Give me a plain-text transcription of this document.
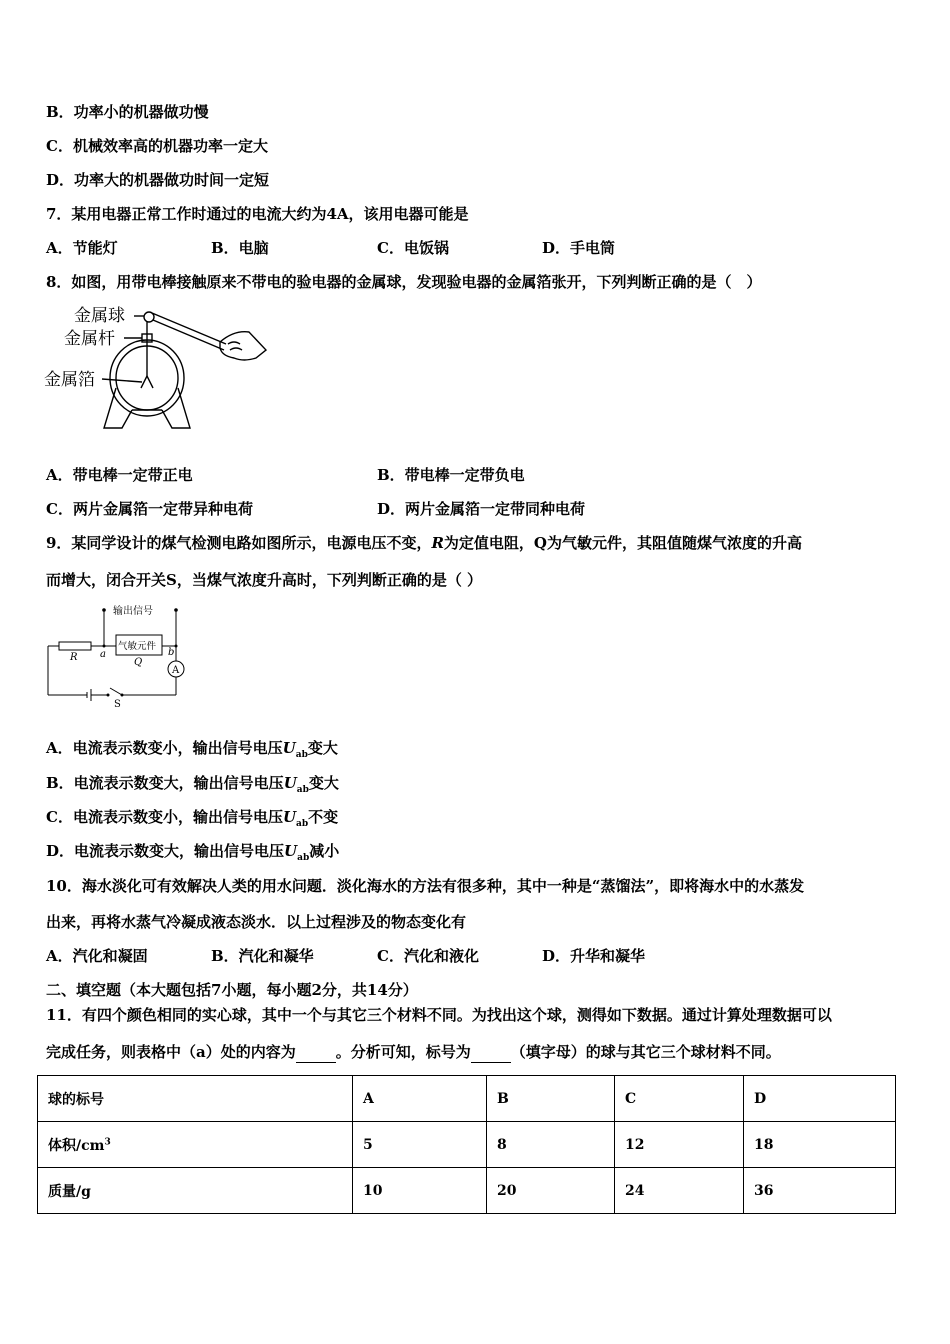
B．功率小的机器做功慢
C．机械效率高的机器功率一定大
D．功率大的机器做功时间一定短
7．某用电器正常工作时通过的电流大约为4A，该用电器可能是
A．节能灯	B．电脑	C．电饭锅	D．手电筒
8．如图，用带电棒接触原来不带电的验电器的金属球，发现验电器的金属箔张开，下列判断正确的是（　）
金属球
金属杆
金属箔
A．带电棒一定带正电	B．带电棒一定带负电
C．两片金属箔一定带异种电荷	D．两片金属箔一定带同种电荷
9．某同学设计的煤气检测电路如图所示，电源电压不变，R为定值电阻，Q为气敏元件，其阻值随煤气浓度的升高
而增大，闭合开关S，当煤气浓度升高时，下列判断正确的是（ ）
输出信号
R a	b
气敏元件
Q
A
S
A．电流表示数变小，输出信号电压$U_{ab}$变大
B．电流表示数变大，输出信号电压$U_{ab}$变大
C．电流表示数变小，输出信号电压$U_{ab}$不变
D．电流表示数变大，输出信号电压$U_{ab}$减小
10．海水淡化可有效解决人类的用水问题．淡化海水的方法有很多种，其中一种是“蒸馏法”，即将海水中的水蒸发
出来，再将水蒸气冷凝成液态淡水．以上过程涉及的物态变化有
A．汽化和凝固	B．汽化和凝华	C．汽化和液化	D．升华和凝华
二、填空题（本大题包括7小题，每小题2分，共14分）
11．有四个颜色相同的实心球，其中一个与其它三个材料不同。为找出这个球，测得如下数据。通过计算处理数据可以
完成任务，则表格中（a）处的内容为	。分析可知，标号为	（填字母）的球与其它三个球材料不同。
球的标号	A	B	C	D
体积$/cm^3$	5	8	12	18
质量/g	10	20	24	36
